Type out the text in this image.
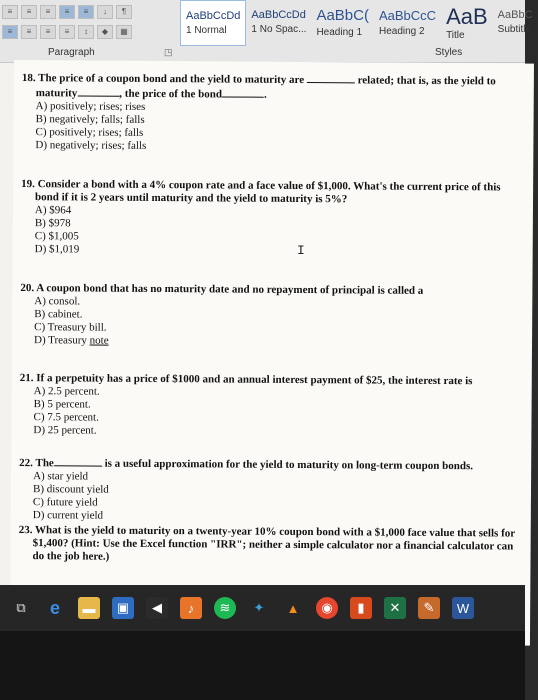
≡	≡	≡	≡	≡	↓	¶
≡	≡	≡	≡	↕	◆	▦
Paragraph	◳
AaBbCcDd
1 Normal
AaBbCcDd
1 No Spac...
AaBbC(
Heading 1
AaBbCcC
Heading 2
AaB
Title
AaBbC
Subtitle
Styles
18. The price of a coupon bond and the yield to maturity are	related; that is, as the yield to
maturity	, the price of the bond	.
A) positively; rises; rises
B) negatively; falls; falls
C) positively; rises; falls
D) negatively; rises; falls
19. Consider a bond with a 4% coupon rate and a face value of $1,000. What's the current price of this bond if it is 2 years until maturity and the yield to maturity is 5%?
A) $964
B) $978
C) $1,005
D) $1,019
20. A coupon bond that has no maturity date and no repayment of principal is called a
A) consol.
B) cabinet.
C) Treasury bill.
D) Treasury note
21. If a perpetuity has a price of $1000 and an annual interest payment of $25, the interest rate is
A) 2.5 percent.
B) 5 percent.
C) 7.5 percent.
D) 25 percent.
22. The	is a useful approximation for the yield to maturity on long-term coupon bonds.
A) star yield
B) discount yield
C) future yield
D) current yield
23. What is the yield to maturity on a twenty-year 10% coupon bond with a $1,000 face value that sells for $1,400? (Hint: Use the Excel function "IRR"; neither a simple calculator nor a financial calculator can do the job here.)
I
⧉	e	▬	▣	◀	♪	≋	✦	▲	◉	▮	✕	✎	W
